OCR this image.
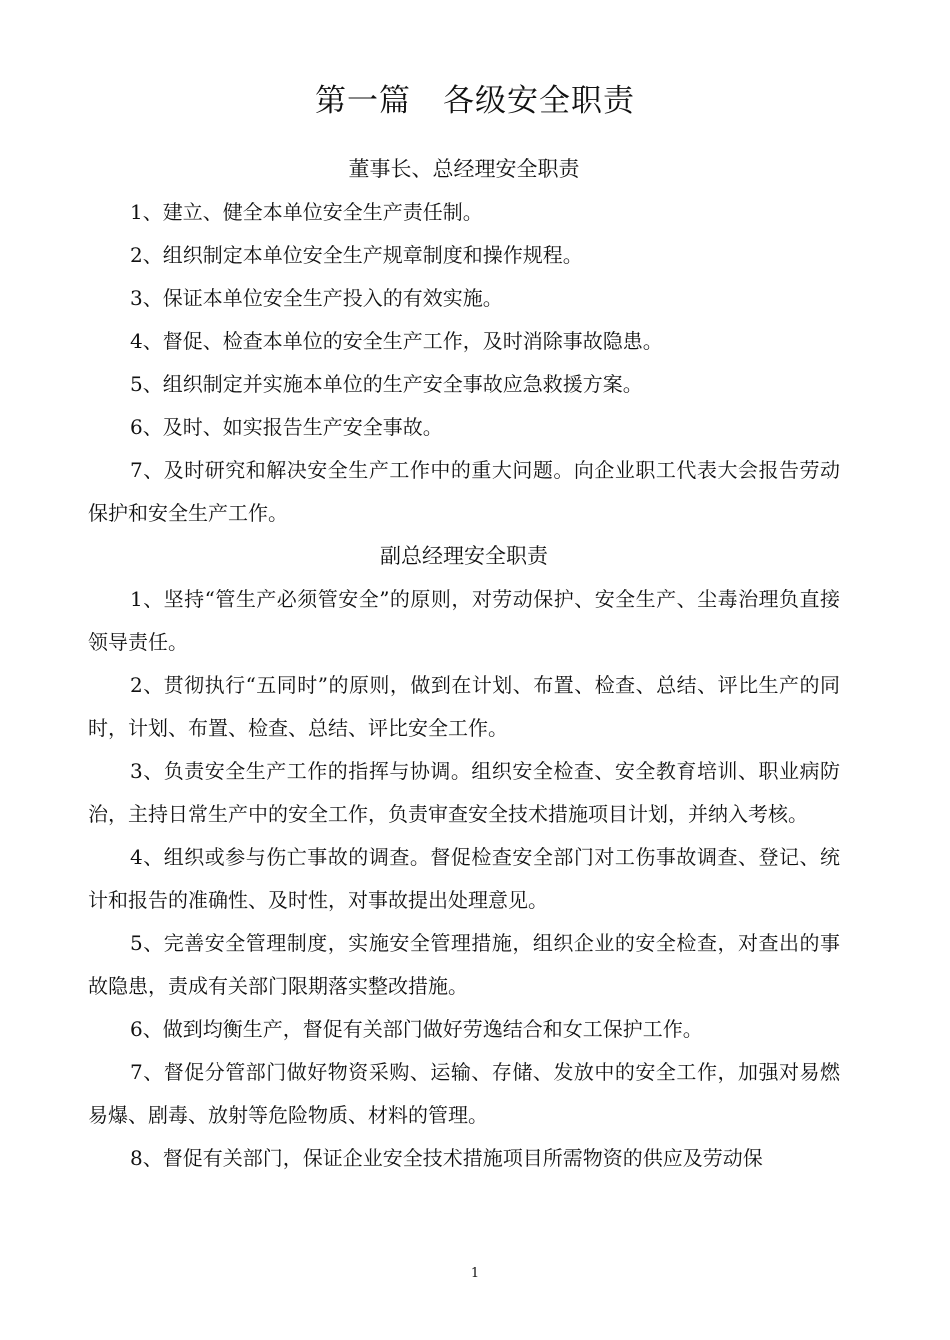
第一篇　各级安全职责

董事长、总经理安全职责

1、建立、健全本单位安全生产责任制。

2、组织制定本单位安全生产规章制度和操作规程。

3、保证本单位安全生产投入的有效实施。

4、督促、检查本单位的安全生产工作，及时消除事故隐患。

5、组织制定并实施本单位的生产安全事故应急救援方案。

6、及时、如实报告生产安全事故。

7、及时研究和解决安全生产工作中的重大问题。向企业职工代表大会报告劳动保护和安全生产工作。

副总经理安全职责

1、坚持“管生产必须管安全”的原则，对劳动保护、安全生产、尘毒治理负直接领导责任。

2、贯彻执行“五同时”的原则，做到在计划、布置、检查、总结、评比生产的同时，计划、布置、检查、总结、评比安全工作。

3、负责安全生产工作的指挥与协调。组织安全检查、安全教育培训、职业病防治，主持日常生产中的安全工作，负责审查安全技术措施项目计划，并纳入考核。

4、组织或参与伤亡事故的调查。督促检查安全部门对工伤事故调查、登记、统计和报告的准确性、及时性，对事故提出处理意见。

5、完善安全管理制度，实施安全管理措施，组织企业的安全检查，对查出的事故隐患，责成有关部门限期落实整改措施。

6、做到均衡生产，督促有关部门做好劳逸结合和女工保护工作。

7、督促分管部门做好物资采购、运输、存储、发放中的安全工作，加强对易燃易爆、剧毒、放射等危险物质、材料的管理。

8、督促有关部门，保证企业安全技术措施项目所需物资的供应及劳动保

1
